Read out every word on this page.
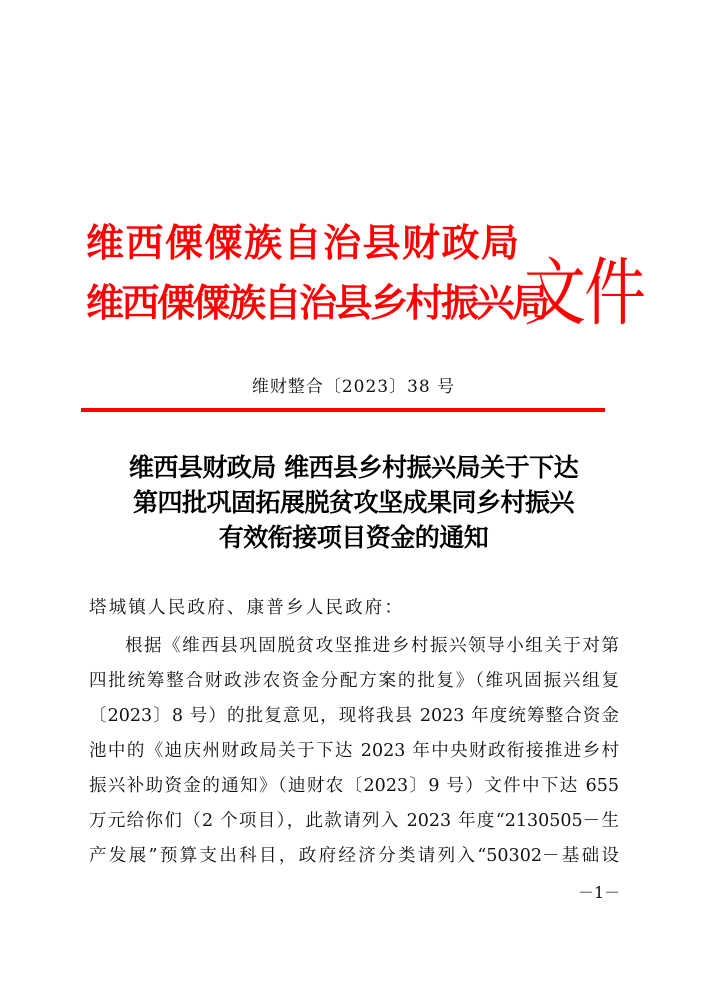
维西傈僳族自治县财政局
维西傈僳族自治县乡村振兴局
文件
维财整合〔2023〕38 号
维西县财政局 维西县乡村振兴局关于下达
第四批巩固拓展脱贫攻坚成果同乡村振兴
有效衔接项目资金的通知
塔城镇人民政府、康普乡人民政府：
根据《维西县巩固脱贫攻坚推进乡村振兴领导小组关于对第
四批统筹整合财政涉农资金分配方案的批复》（维巩固振兴组复
〔2023〕8 号）的批复意见，现将我县 2023 年度统筹整合资金
池中的《迪庆州财政局关于下达 2023 年中央财政衔接推进乡村
振兴补助资金的通知》（迪财农〔2023〕9 号）文件中下达 655
万元给你们（2 个项目），此款请列入 2023 年度“2130505－生
产发展”预算支出科目，政府经济分类请列入“50302－基础设
－1－
